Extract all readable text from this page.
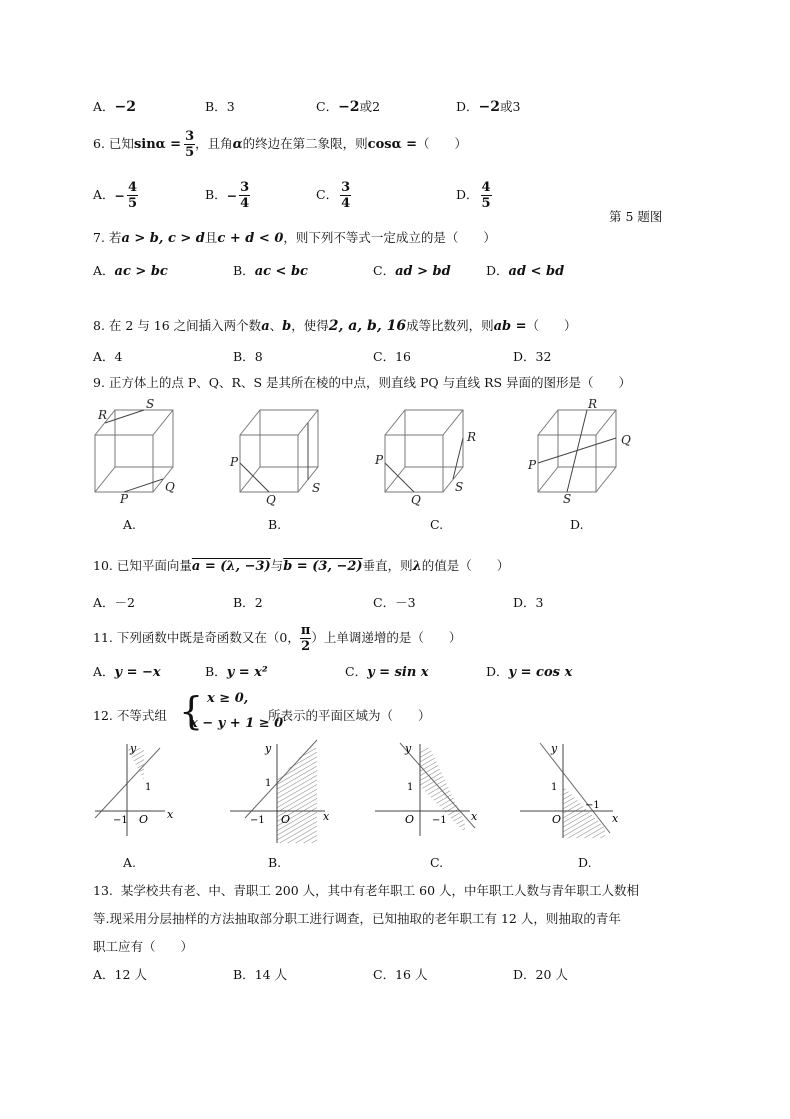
A．−2	B．3	C．−2或2	D．−2或3
6. 已知$\sin\alpha = \frac{3}{5}$ ，且角α的终边在第二象限，则cosα =（　　）
A．− $\frac{4}{5}$	B．− $\frac{3}{4}$	C． $\frac{3}{4}$	D． $\frac{4}{5}$
第 5 题图
7. 若a > b, c > d且c + d < 0，则下列不等式一定成立的是（　　）
A．ac > bc	B．ac < bc	C．ad > bd	D．ad < bd
8. 在 2 与 16 之间插入两个数a、b，使得2, a, b, 16成等比数列，则ab =（　　）
A．4	B．8	C．16	D．32
9. 正方体上的点 P、Q、R、S 是其所在棱的中点，则直线 PQ 与直线 RS 异面的图形是（　　）
R
S
P
Q
P
Q
S
P
Q
R
S
R
Q
P
S
A.	B.	C.	D.
10. 已知平面向量a = (λ, −3)与b = (3, −2)垂直，则λ的值是（　　）
A．－2	B．2	C．－3	D．3
11. 下列函数中既是奇函数又在（0， $\frac{\pi}{2}$ ）上单调递增的是（　　）
A．y = −x	B．y = x²	C．y = sin x	D．y = cos x
12. 不等式组 { x ≥ 0,
x − y + 1 ≥ 0
所表示的平面区域为（　　）
y
−1 O
1
x
y
−1 O
1
x
y
1
O −1 x
y
1
O
−1
x
A.	B.	C.	D.
13. 某学校共有老、中、青职工 200 人，其中有老年职工 60 人，中年职工人数与青年职工人数相
等.现采用分层抽样的方法抽取部分职工进行调查，已知抽取的老年职工有 12 人，则抽取的青年
职工应有（　　）
A．12 人	B．14 人	C．16 人	D．20 人
